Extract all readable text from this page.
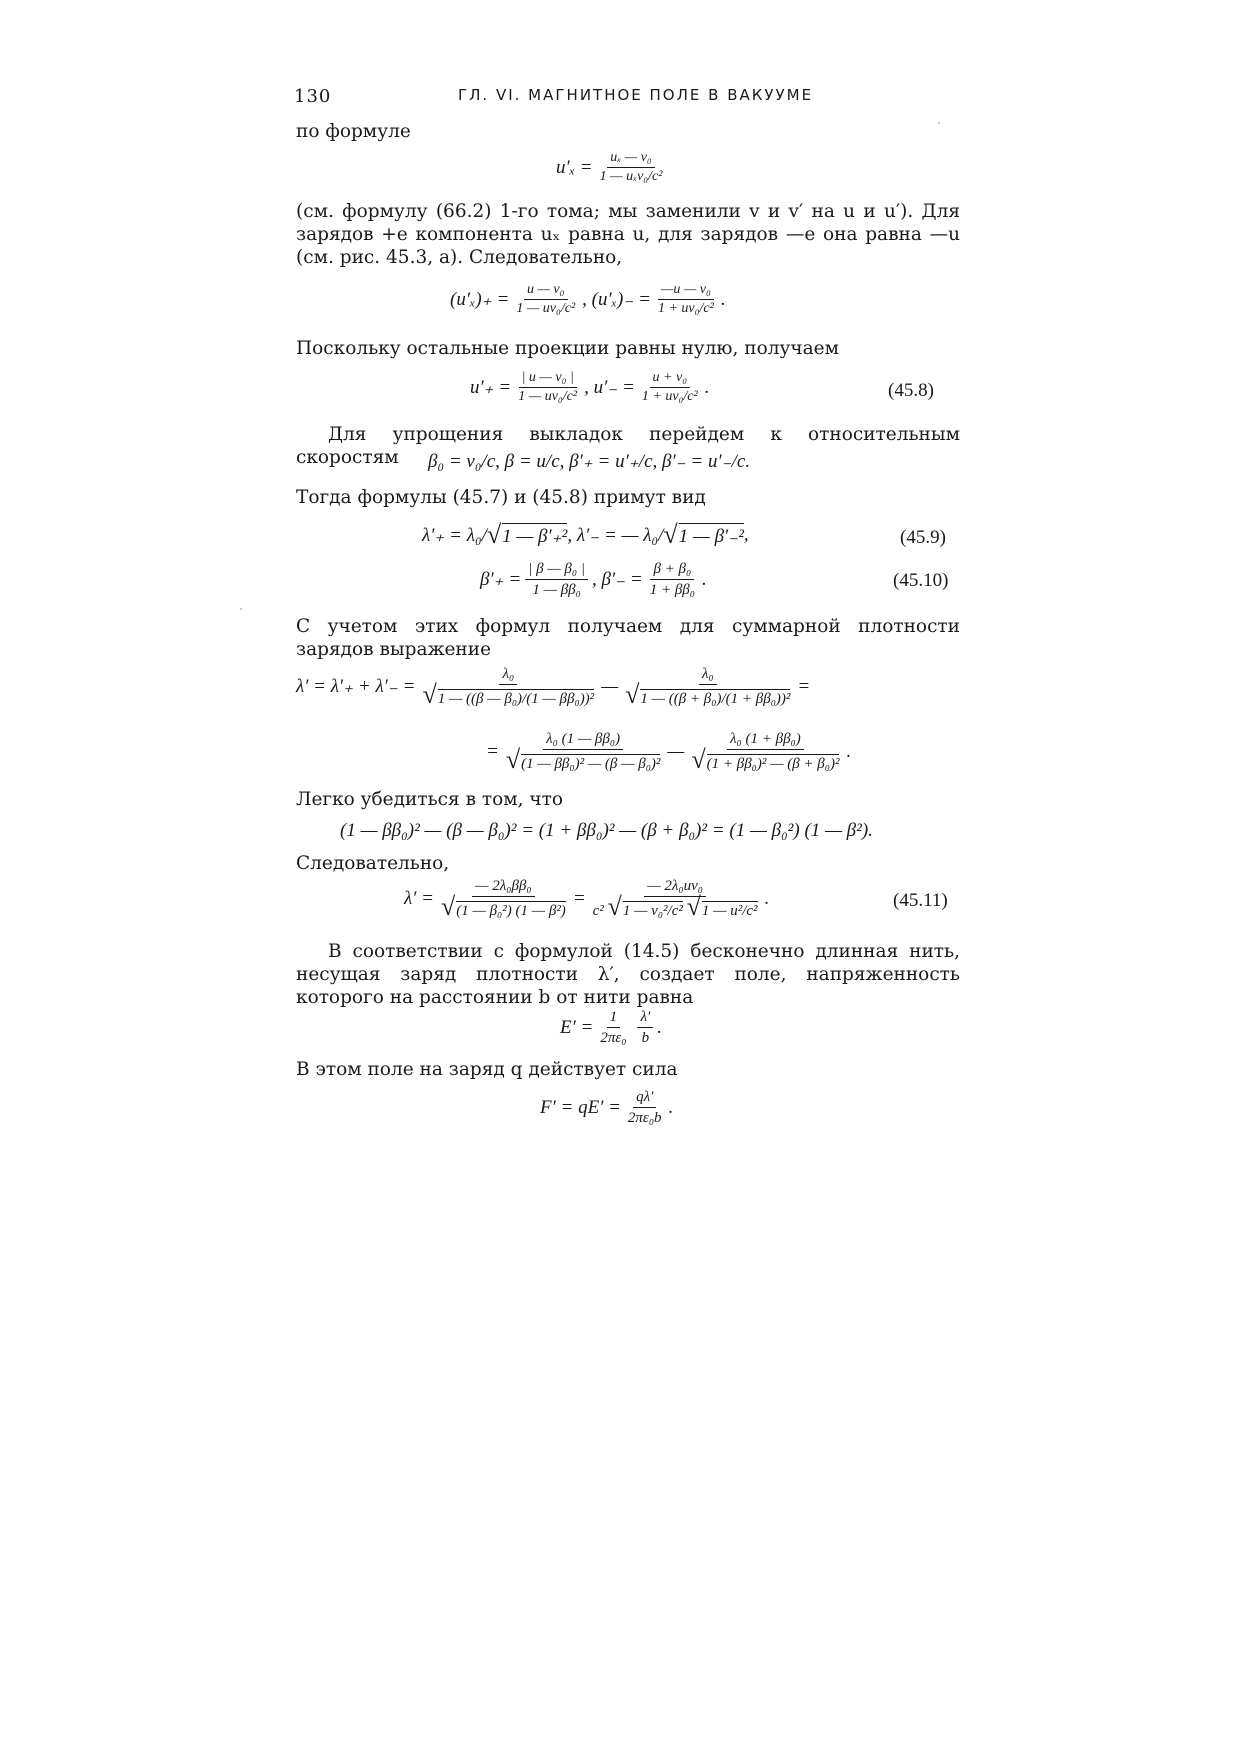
130	ГЛ. VI. МАГНИТНОЕ ПОЛЕ В ВАКУУМЕ
по формуле
$u'_x = \frac{\text{uₓ — v₀}}{\text{1 — uₓv₀/c²}}$
(см. формулу (66.2) 1-го тома; мы заменили v и v′ на u и u′). Для зарядов +e компонента uₓ равна u, для зарядов —e она равна —u (см. рис. 45.3, a). Следовательно,
$(u'_x)_+ = \frac{\text{u — v₀}}{\text{1 — uv₀/c²}}$ , $(u'_x)_- = \frac{\text{—u — v₀}}{\text{1 + uv₀/c²}}$ .
Поскольку остальные проекции равны нулю, получаем
$u'_+ = \frac{\text{| u — v₀ |}}{\text{1 — uv₀/c²}}$ , $u'_- = \frac{\text{u + v₀}}{\text{1 + uv₀/c²}}$ .	(45.8)
Для упрощения выкладок перейдем к относительным скоростям	β₀ = v₀/c, β = u/c, β′₊ = u′₊/c, β′₋ = u′₋/c.
Тогда формулы (45.7) и (45.8) примут вид
λ′₊ = λ₀/ √ 1 — β′₊² , λ′₋ = — λ₀/ √ 1 — β′₋² ,	(45.9)
$\beta'_+ = \frac{\text{| β — β₀ |}}{\text{1 — ββ₀}}$ , $\beta'_- = \frac{\text{β + β₀}}{\text{1 + ββ₀}}$ .	(45.10)
С учетом этих формул получаем для суммарной плотности зарядов выражение
$\lambda' = \lambda'_+ + \lambda'_- = \frac{\text{λ₀}}{\text{√1 — ((β — β₀)/(1 — ββ₀))²}}$ — $\frac{\text{λ₀}}{\text{√1 — ((β + β₀)/(1 + ββ₀))²}}$ =
= $\frac{\text{λ₀ (1 — ββ₀)}}{\text{√(1 — ββ₀)² — (β — β₀)²}}$ — $\frac{\text{λ₀ (1 + ββ₀)}}{\text{√(1 + ββ₀)² — (β + β₀)²}}$ .
Легко убедиться в том, что
(1 — ββ₀)² — (β — β₀)² = (1 + ββ₀)² — (β + β₀)² = (1 — β₀²) (1 — β²).
Следовательно,
$\lambda' = \frac{\text{— 2λ₀ββ₀}}{\text{√(1 — β₀²) (1 — β²)}} = \frac{\text{— 2λ₀uv₀}}{\text{c² √1 — v₀²/c² √1 — u²/c²}}$ .	(45.11)
В соответствии с формулой (14.5) бесконечно длинная нить, несущая заряд плотности λ′, создает поле, напряженность которого на расстоянии b от нити равна
$E' = \frac{1}{\text{2πε₀}} \frac{\lambda'}{b}$ .
В этом поле на заряд q действует сила
$F' = qE' = \frac{q\lambda'}{\text{2πε₀b}}$ .
